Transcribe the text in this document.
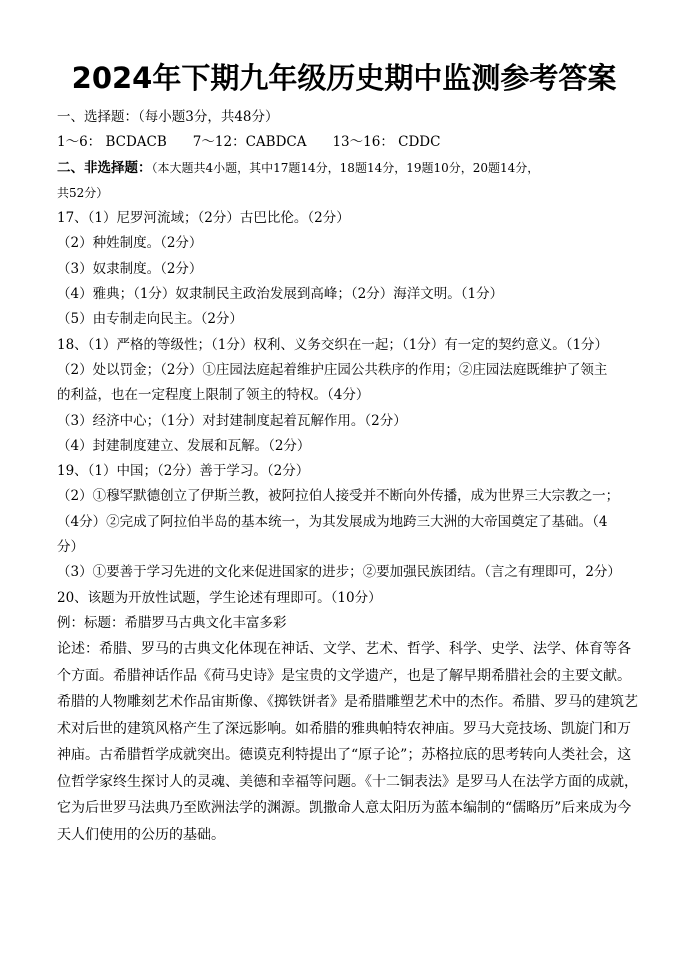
2024年下期九年级历史期中监测参考答案
一、选择题：（每小题3分，共48分）
1～6： BCDACB 7～12：CABDCA 13～16： CDDC
二、非选择题：（本大题共4小题，其中17题14分，18题14分，19题10分，20题14分，
共52分）
17、（1）尼罗河流域；（2分）古巴比伦。（2分）
（2）种姓制度。（2分）
（3）奴隶制度。（2分）
（4）雅典；（1分）奴隶制民主政治发展到高峰；（2分）海洋文明。（1分）
（5）由专制走向民主。（2分）
18、（1）严格的等级性；（1分）权利、义务交织在一起；（1分）有一定的契约意义。（1分）
（2）处以罚金；（2分）①庄园法庭起着维护庄园公共秩序的作用；②庄园法庭既维护了领主
的利益，也在一定程度上限制了领主的特权。（4分）
（3）经济中心；（1分）对封建制度起着瓦解作用。（2分）
（4）封建制度建立、发展和瓦解。（2分）
19、（1）中国；（2分）善于学习。（2分）
（2）①穆罕默德创立了伊斯兰教，被阿拉伯人接受并不断向外传播，成为世界三大宗教之一；
（4分）②完成了阿拉伯半岛的基本统一，为其发展成为地跨三大洲的大帝国奠定了基础。（4
分）
（3）①要善于学习先进的文化来促进国家的进步；②要加强民族团结。（言之有理即可，2分）
20、该题为开放性试题，学生论述有理即可。（10分）
例：标题：希腊罗马古典文化丰富多彩
论述：希腊、罗马的古典文化体现在神话、文学、艺术、哲学、科学、史学、法学、体育等各
个方面。希腊神话作品《荷马史诗》是宝贵的文学遗产，也是了解早期希腊社会的主要文献。
希腊的人物雕刻艺术作品宙斯像、《掷铁饼者》是希腊雕塑艺术中的杰作。希腊、罗马的建筑艺
术对后世的建筑风格产生了深远影响。如希腊的雅典帕特农神庙。罗马大竞技场、凯旋门和万
神庙。古希腊哲学成就突出。德谟克利特提出了“原子论”；苏格拉底的思考转向人类社会，这
位哲学家终生探讨人的灵魂、美德和幸福等问题。《十二铜表法》是罗马人在法学方面的成就，
它为后世罗马法典乃至欧洲法学的渊源。凯撒命人意太阳历为蓝本编制的“儒略历”后来成为今
天人们使用的公历的基础。
